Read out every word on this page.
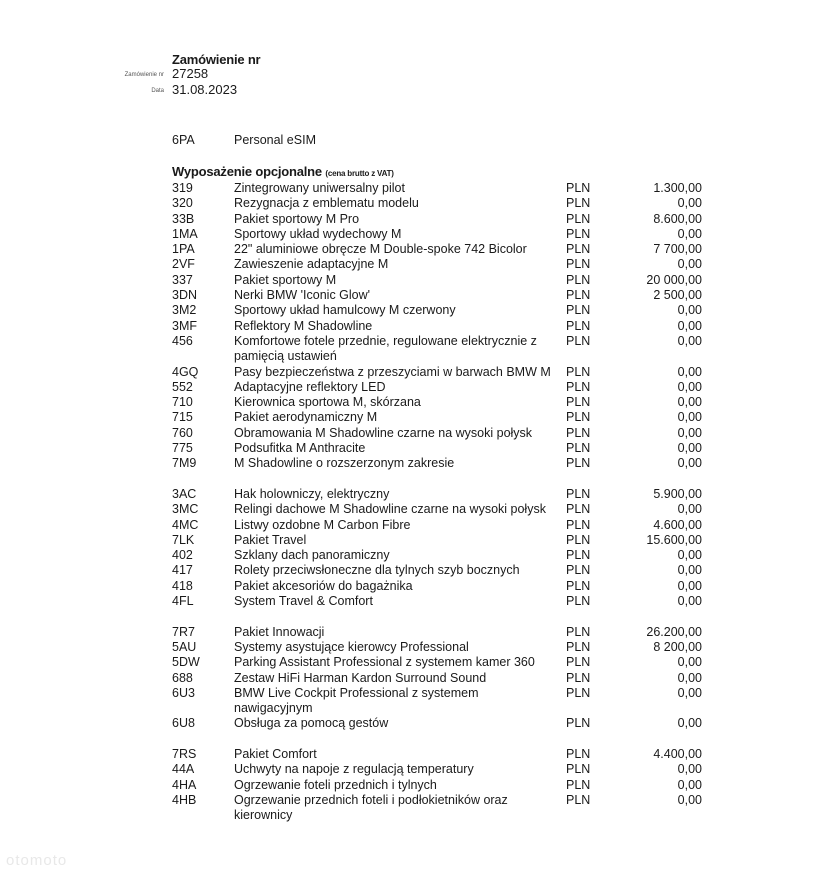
Zamówienie nr
Zamówienie nr 27258
Data 31.08.2023
6PA	Personal eSIM
Wyposażenie opcjonalne (cena brutto z VAT)
319	Zintegrowany uniwersalny pilot	PLN	1.300,00
320	Rezygnacja z emblematu modelu	PLN	0,00
33B	Pakiet sportowy M Pro	PLN	8.600,00
1MA	Sportowy układ wydechowy M	PLN	0,00
1PA	22" aluminiowe obręcze M Double-spoke 742 Bicolor	PLN	7 700,00
2VF	Zawieszenie adaptacyjne M	PLN	0,00
337	Pakiet sportowy M	PLN	20 000,00
3DN	Nerki BMW 'Iconic Glow'	PLN	2 500,00
3M2	Sportowy układ hamulcowy M czerwony	PLN	0,00
3MF	Reflektory M Shadowline	PLN	0,00
456	Komfortowe fotele przednie, regulowane elektrycznie z pamięcią ustawień
PLN	0,00
4GQ	Pasy bezpieczeństwa z przeszyciami w barwach BMW M PLN	0,00
552	Adaptacyjne reflektory LED	PLN	0,00
710	Kierownica sportowa M, skórzana	PLN	0,00
715	Pakiet aerodynamiczny M	PLN	0,00
760	Obramowania M Shadowline czarne na wysoki połysk	PLN	0,00
775	Podsufitka M Anthracite	PLN	0,00
7M9	M Shadowline o rozszerzonym zakresie	PLN	0,00
3AC	Hak holowniczy, elektryczny	PLN	5.900,00
3MC	Relingi dachowe M Shadowline czarne na wysoki połysk	PLN	0,00
4MC	Listwy ozdobne M Carbon Fibre	PLN	4.600,00
7LK	Pakiet Travel	PLN	15.600,00
402	Szklany dach panoramiczny	PLN	0,00
417	Rolety przeciwsłoneczne dla tylnych szyb bocznych	PLN	0,00
418	Pakiet akcesoriów do bagażnika	PLN	0,00
4FL	System Travel & Comfort	PLN	0,00
7R7	Pakiet Innowacji	PLN	26.200,00
5AU	Systemy asystujące kierowcy Professional	PLN	8 200,00
5DW	Parking Assistant Professional z systemem kamer 360	PLN	0,00
688	Zestaw HiFi Harman Kardon Surround Sound	PLN	0,00
6U3	BMW Live Cockpit Professional z systemem nawigacyjnym
PLN	0,00
6U8	Obsługa za pomocą gestów	PLN	0,00
7RS	Pakiet Comfort	PLN	4.400,00
44A	Uchwyty na napoje z regulacją temperatury	PLN	0,00
4HA	Ogrzewanie foteli przednich i tylnych	PLN	0,00
4HB	Ogrzewanie przednich foteli i podłokietników oraz kierownicy
PLN	0,00
otomoto
